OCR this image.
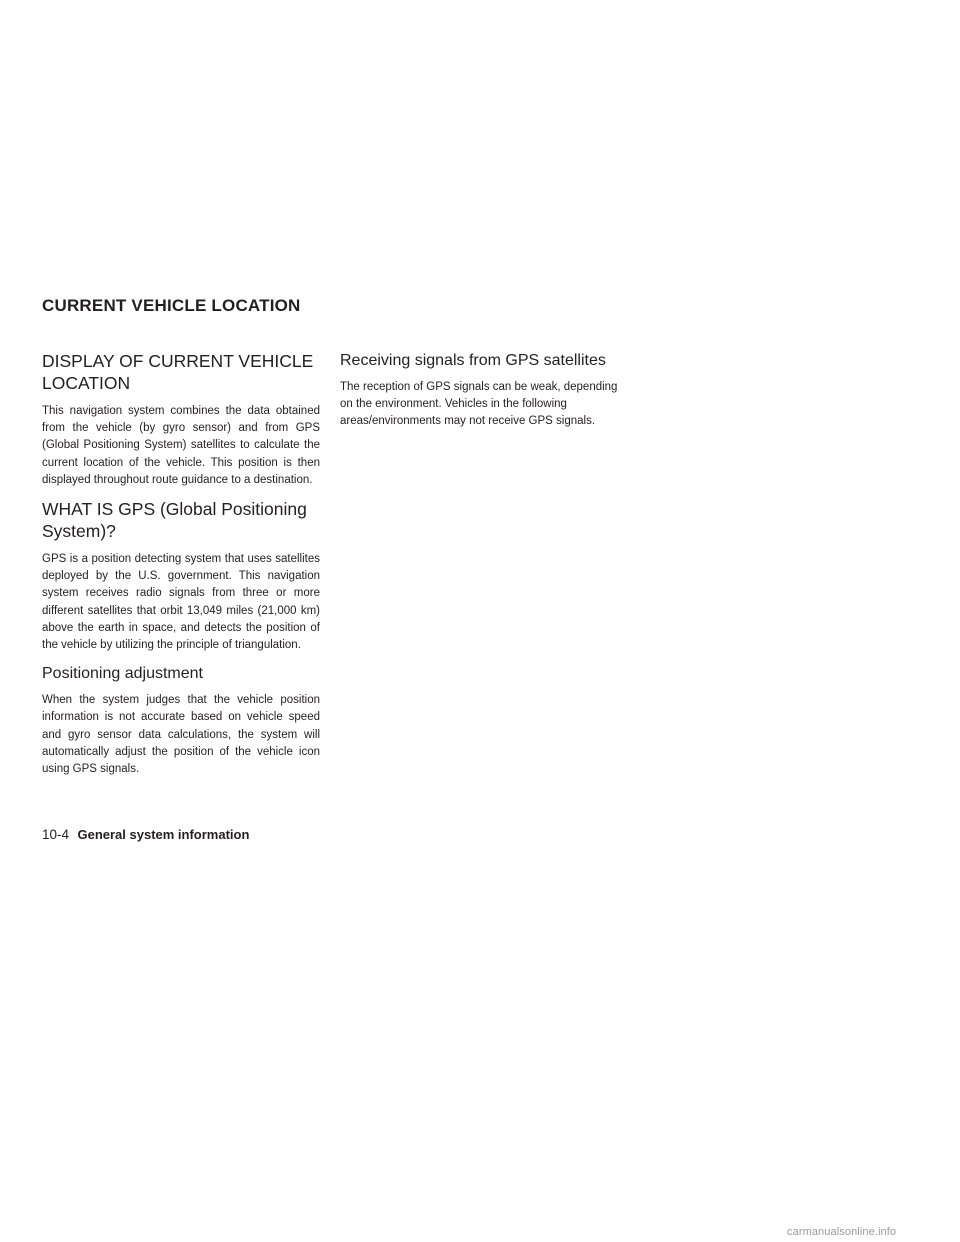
CURRENT VEHICLE LOCATION
DISPLAY OF CURRENT VEHICLE LOCATION

This navigation system combines the data obtained from the vehicle (by gyro sensor) and from GPS (Global Positioning System) satellites to calculate the current location of the vehicle. This position is then displayed throughout route guidance to a destination.

WHAT IS GPS (Global Positioning System)?

GPS is a position detecting system that uses satellites deployed by the U.S. government. This navigation system receives radio signals from three or more different satellites that orbit 13,049 miles (21,000 km) above the earth in space, and detects the position of the vehicle by utilizing the principle of triangulation.

Positioning adjustment

When the system judges that the vehicle position information is not accurate based on vehicle speed and gyro sensor data calculations, the system will automatically adjust the position of the vehicle icon using GPS signals.

Receiving signals from GPS satellites

The reception of GPS signals can be weak, depending on the environment. Vehicles in the following areas/environments may not receive GPS signals.

10-4 General system information
carmanualsonline.info
